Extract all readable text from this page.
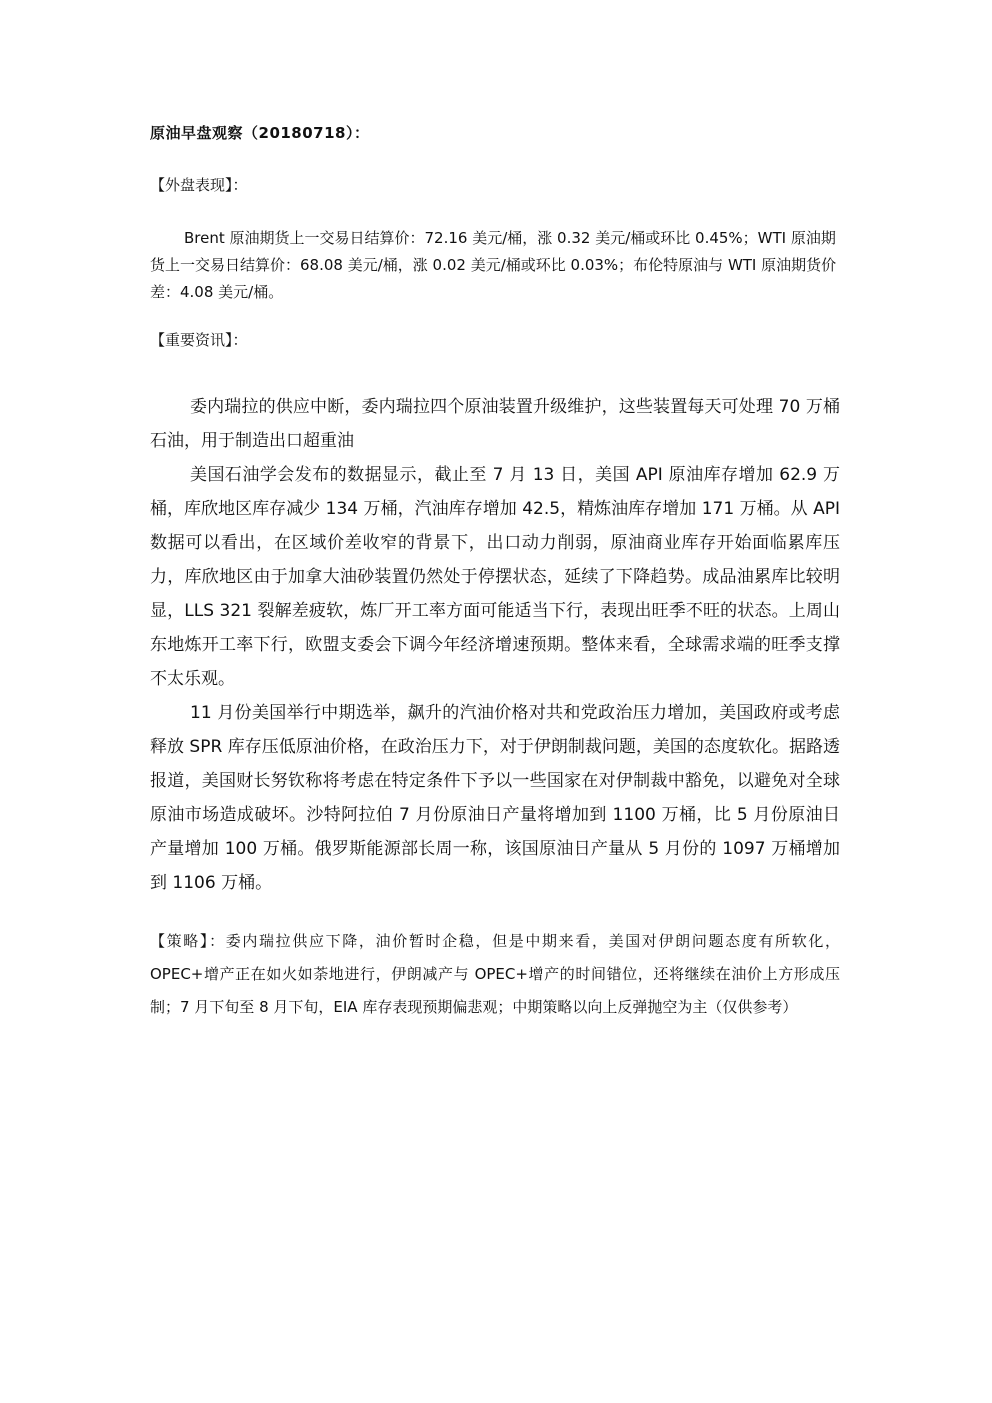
原油早盘观察（20180718）：
【外盘表现】：

Brent 原油期货上一交易日结算价：72.16 美元/桶，涨 0.32 美元/桶或环比 0.45%；WTI 原油期货上一交易日结算价：68.08 美元/桶，涨 0.02 美元/桶或环比 0.03%；布伦特原油与 WTI 原油期货价差：4.08 美元/桶。

【重要资讯】：

委内瑞拉的供应中断，委内瑞拉四个原油装置升级维护，这些装置每天可处理 70 万桶石油，用于制造出口超重油

美国石油学会发布的数据显示，截止至 7 月 13 日，美国 API 原油库存增加 62.9 万桶，库欣地区库存减少 134 万桶，汽油库存增加 42.5，精炼油库存增加 171 万桶。从 API 数据可以看出，在区域价差收窄的背景下，出口动力削弱，原油商业库存开始面临累库压力，库欣地区由于加拿大油砂装置仍然处于停摆状态，延续了下降趋势。成品油累库比较明显，LLS 321 裂解差疲软，炼厂开工率方面可能适当下行，表现出旺季不旺的状态。上周山东地炼开工率下行，欧盟支委会下调今年经济增速预期。整体来看，全球需求端的旺季支撑不太乐观。

11 月份美国举行中期选举，飙升的汽油价格对共和党政治压力增加，美国政府或考虑释放 SPR 库存压低原油价格，在政治压力下，对于伊朗制裁问题，美国的态度软化。据路透报道，美国财长努钦称将考虑在特定条件下予以一些国家在对伊制裁中豁免，以避免对全球原油市场造成破坏。沙特阿拉伯 7 月份原油日产量将增加到 1100 万桶，比 5 月份原油日产量增加 100 万桶。俄罗斯能源部长周一称，该国原油日产量从 5 月份的 1097 万桶增加到 1106 万桶。

【策略】：委内瑞拉供应下降，油价暂时企稳，但是中期来看，美国对伊朗问题态度有所软化，OPEC+增产正在如火如荼地进行，伊朗减产与 OPEC+增产的时间错位，还将继续在油价上方形成压制；7 月下旬至 8 月下旬，EIA 库存表现预期偏悲观；中期策略以向上反弹抛空为主（仅供参考）
